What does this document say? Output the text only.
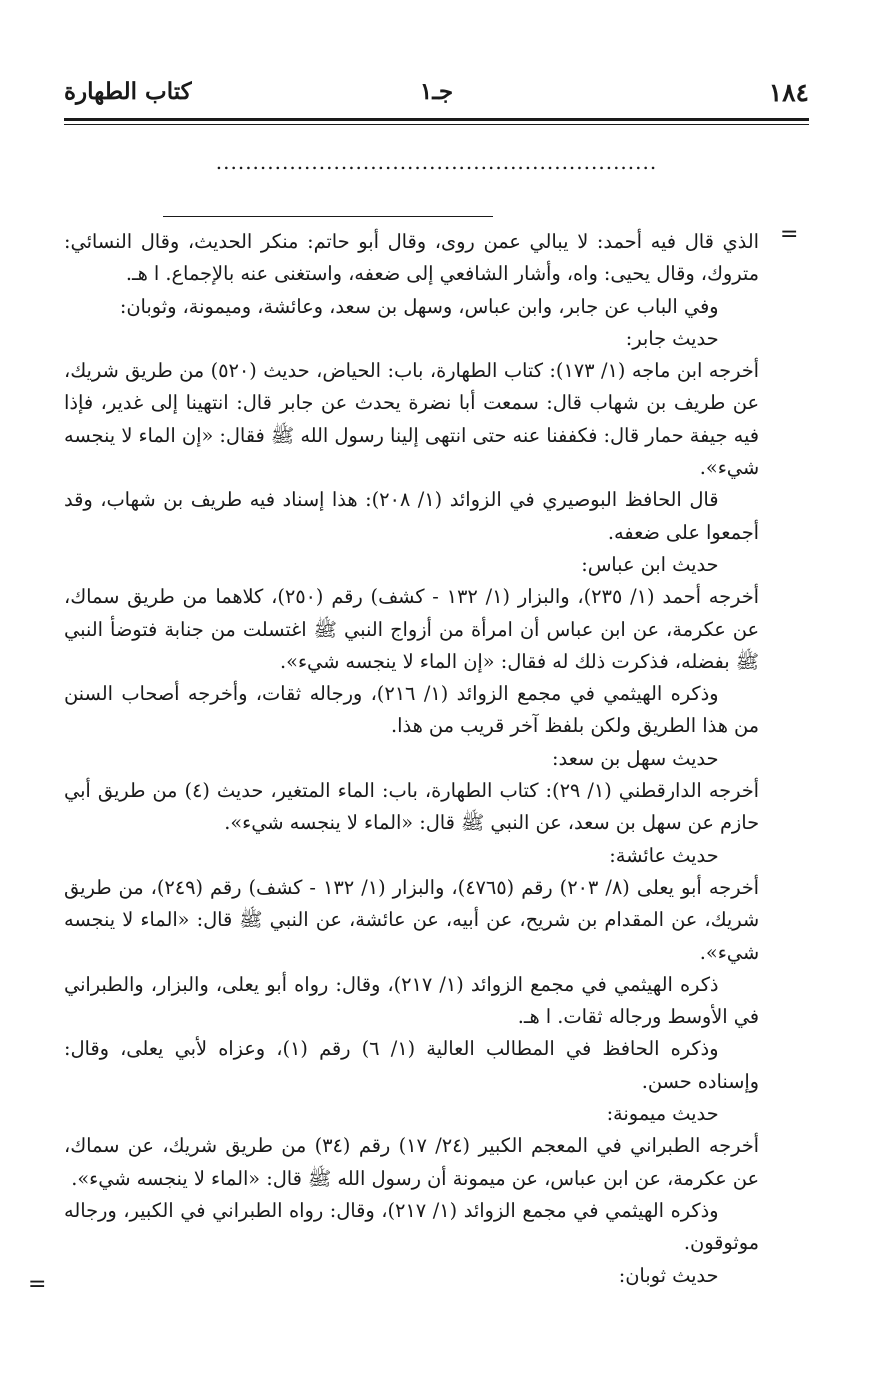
١٨٤
جـ١
كتاب الطهارة
............................................................
=

الذي قال فيه أحمد: لا يبالي عمن روى، وقال أبو حاتم: منكر الحديث، وقال النسائي: متروك، وقال يحيى: واه، وأشار الشافعي إلى ضعفه، واستغنى عنه بالإجماع. ا هـ.

وفي الباب عن جابر، وابن عباس، وسهل بن سعد، وعائشة، وميمونة، وثوبان:

حديث جابر:

أخرجه ابن ماجه (١/ ١٧٣): كتاب الطهارة، باب: الحياض، حديث (٥٢٠) من طريق شريك، عن طريف بن شهاب قال: سمعت أبا نضرة يحدث عن جابر قال: انتهينا إلى غدير، فإذا فيه جيفة حمار قال: فكففنا عنه حتى انتهى إلينا رسول الله ﷺ فقال: «إن الماء لا ينجسه شيء».

قال الحافظ البوصيري في الزوائد (١/ ٢٠٨): هذا إسناد فيه طريف بن شهاب، وقد أجمعوا على ضعفه.

حديث ابن عباس:

أخرجه أحمد (١/ ٢٣٥)، والبزار (١/ ١٣٢ - كشف) رقم (٢٥٠)، كلاهما من طريق سماك، عن عكرمة، عن ابن عباس أن امرأة من أزواج النبي ﷺ اغتسلت من جنابة فتوضأ النبي ﷺ بفضله، فذكرت ذلك له فقال: «إن الماء لا ينجسه شيء».

وذكره الهيثمي في مجمع الزوائد (١/ ٢١٦)، ورجاله ثقات، وأخرجه أصحاب السنن من هذا الطريق ولكن بلفظ آخر قريب من هذا.

حديث سهل بن سعد:

أخرجه الدارقطني (١/ ٢٩): كتاب الطهارة، باب: الماء المتغير، حديث (٤) من طريق أبي حازم عن سهل بن سعد، عن النبي ﷺ قال: «الماء لا ينجسه شيء».

حديث عائشة:

أخرجه أبو يعلى (٨/ ٢٠٣) رقم (٤٧٦٥)، والبزار (١/ ١٣٢ - كشف) رقم (٢٤٩)، من طريق شريك، عن المقدام بن شريح، عن أبيه، عن عائشة، عن النبي ﷺ قال: «الماء لا ينجسه شيء».

ذكره الهيثمي في مجمع الزوائد (١/ ٢١٧)، وقال: رواه أبو يعلى، والبزار، والطبراني في الأوسط ورجاله ثقات. ا هـ.

وذكره الحافظ في المطالب العالية (١/ ٦) رقم (١)، وعزاه لأبي يعلى، وقال: وإسناده حسن.

حديث ميمونة:

أخرجه الطبراني في المعجم الكبير (٢٤/ ١٧) رقم (٣٤) من طريق شريك، عن سماك، عن عكرمة، عن ابن عباس، عن ميمونة أن رسول الله ﷺ قال: «الماء لا ينجسه شيء».

وذكره الهيثمي في مجمع الزوائد (١/ ٢١٧)، وقال: رواه الطبراني في الكبير، ورجاله موثوقون.

حديث ثوبان:

=
